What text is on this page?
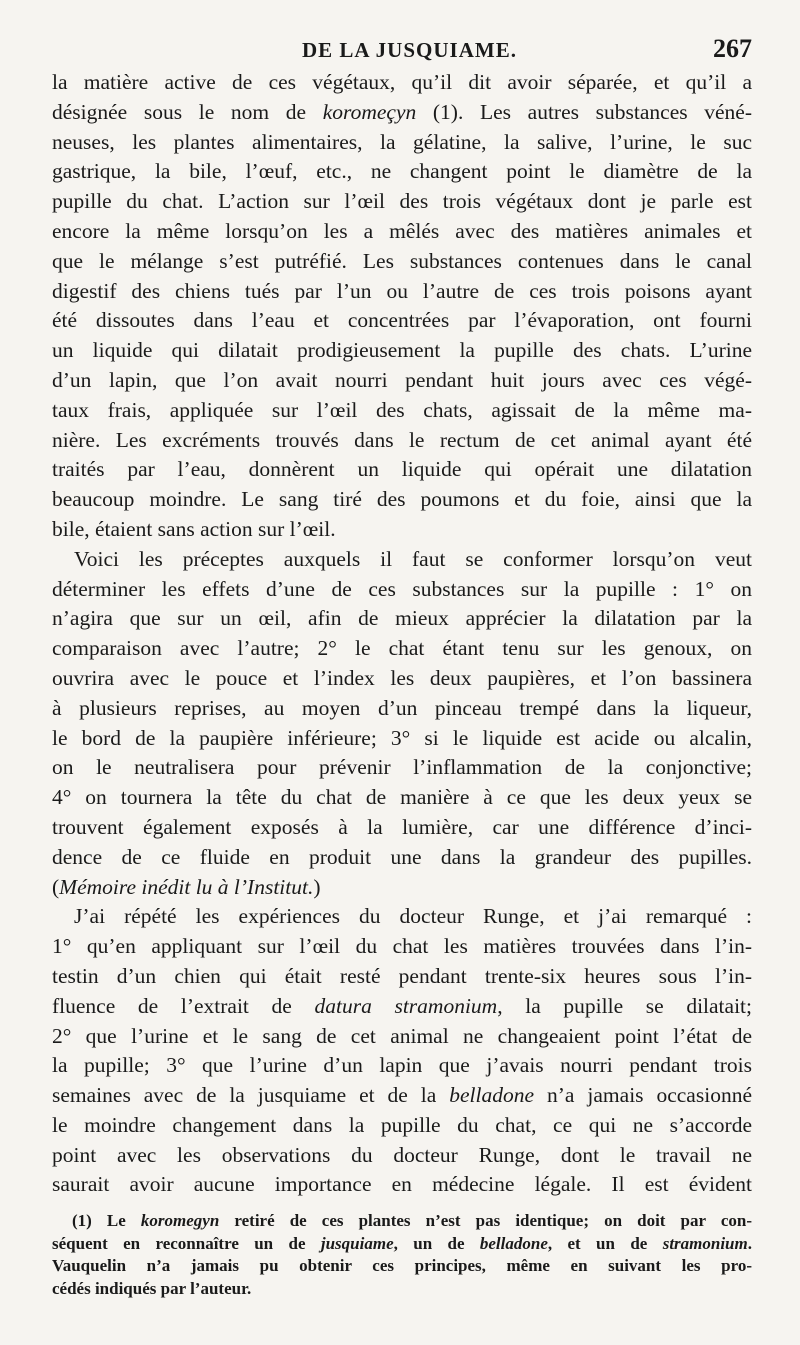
DE LA JUSQUIAME.	267
la matière active de ces végétaux, qu’il dit avoir séparée, et qu’il a
désignée sous le nom de koromeçyn (1). Les autres substances véné-
neuses, les plantes alimentaires, la gélatine, la salive, l’urine, le suc
gastrique, la bile, l’œuf, etc., ne changent point le diamètre de la
pupille du chat. L’action sur l’œil des trois végétaux dont je parle est
encore la même lorsqu’on les a mêlés avec des matières animales et
que le mélange s’est putréfié. Les substances contenues dans le canal
digestif des chiens tués par l’un ou l’autre de ces trois poisons ayant
été dissoutes dans l’eau et concentrées par l’évaporation, ont fourni
un liquide qui dilatait prodigieusement la pupille des chats. L’urine
d’un lapin, que l’on avait nourri pendant huit jours avec ces végé-
taux frais, appliquée sur l’œil des chats, agissait de la même ma-
nière. Les excréments trouvés dans le rectum de cet animal ayant été
traités par l’eau, donnèrent un liquide qui opérait une dilatation
beaucoup moindre. Le sang tiré des poumons et du foie, ainsi que la
bile, étaient sans action sur l’œil.
Voici les préceptes auxquels il faut se conformer lorsqu’on veut
déterminer les effets d’une de ces substances sur la pupille : 1° on
n’agira que sur un œil, afin de mieux apprécier la dilatation par la
comparaison avec l’autre; 2° le chat étant tenu sur les genoux, on
ouvrira avec le pouce et l’index les deux paupières, et l’on bassinera
à plusieurs reprises, au moyen d’un pinceau trempé dans la liqueur,
le bord de la paupière inférieure; 3° si le liquide est acide ou alcalin,
on le neutralisera pour prévenir l’inflammation de la conjonctive;
4° on tournera la tête du chat de manière à ce que les deux yeux se
trouvent également exposés à la lumière, car une différence d’inci-
dence de ce fluide en produit une dans la grandeur des pupilles.
(Mémoire inédit lu à l’Institut.)
J’ai répété les expériences du docteur Runge, et j’ai remarqué :
1° qu’en appliquant sur l’œil du chat les matières trouvées dans l’in-
testin d’un chien qui était resté pendant trente-six heures sous l’in-
fluence de l’extrait de datura stramonium, la pupille se dilatait;
2° que l’urine et le sang de cet animal ne changeaient point l’état de
la pupille; 3° que l’urine d’un lapin que j’avais nourri pendant trois
semaines avec de la jusquiame et de la belladone n’a jamais occasionné
le moindre changement dans la pupille du chat, ce qui ne s’accorde
point avec les observations du docteur Runge, dont le travail ne
saurait avoir aucune importance en médecine légale. Il est évident
(1) Le koromegyn retiré de ces plantes n’est pas identique; on doit par con-
séquent en reconnaître un de jusquiame, un de belladone, et un de stramonium.
Vauquelin n’a jamais pu obtenir ces principes, même en suivant les pro-
cédés indiqués par l’auteur.
